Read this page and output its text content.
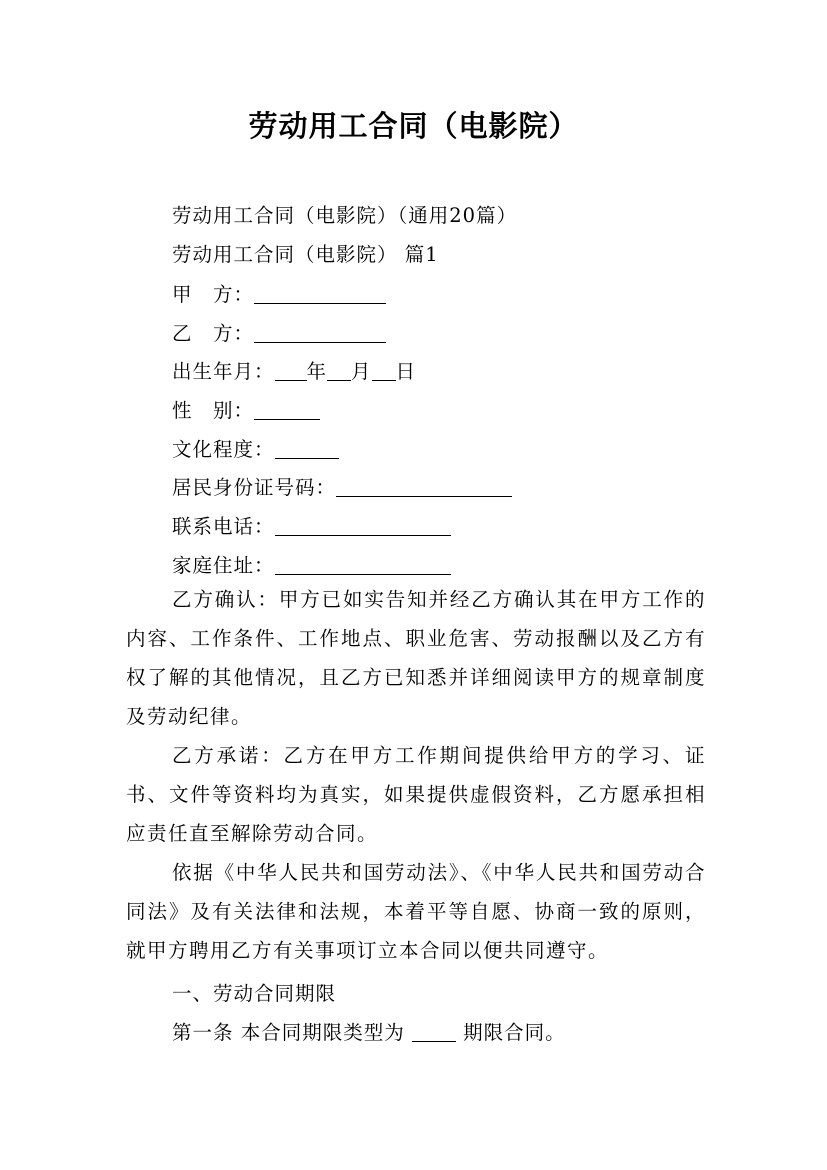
劳动用工合同（电影院）
劳动用工合同（电影院）（通用20篇）
劳动用工合同（电影院） 篇1
甲　方：
乙　方：
出生年月： 年 月 日
性　别：
文化程度：
居民身份证号码：
联系电话：
家庭住址：
乙方确认：甲方已如实告知并经乙方确认其在甲方工作的内容、工作条件、工作地点、职业危害、劳动报酬以及乙方有权了解的其他情况，且乙方已知悉并详细阅读甲方的规章制度及劳动纪律。
乙方承诺：乙方在甲方工作期间提供给甲方的学习、证书、文件等资料均为真实，如果提供虚假资料，乙方愿承担相应责任直至解除劳动合同。
依据《中华人民共和国劳动法》、《中华人民共和国劳动合同法》及有关法律和法规，本着平等自愿、协商一致的原则，就甲方聘用乙方有关事项订立本合同以便共同遵守。
一、劳动合同期限
第一条 本合同期限类型为	期限合同。
